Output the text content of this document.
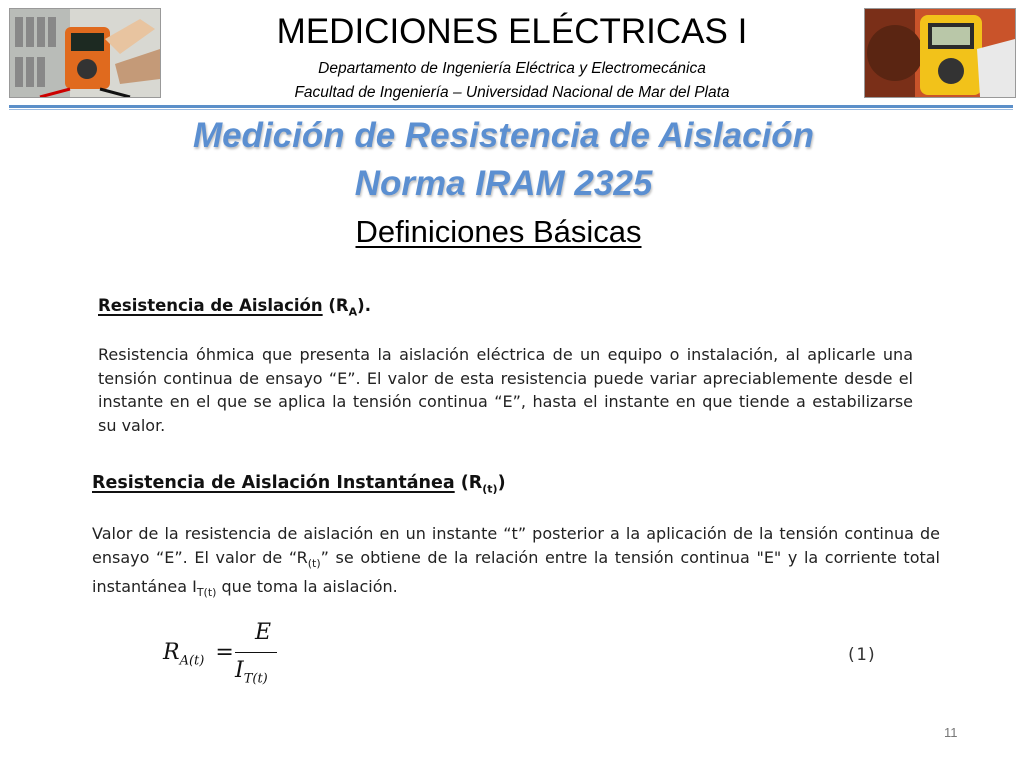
MEDICIONES ELÉCTRICAS I
Departamento de Ingeniería Eléctrica y Electromecánica
Facultad de Ingeniería – Universidad Nacional de Mar del Plata
Medición de Resistencia de Aislación
Norma IRAM 2325
Definiciones Básicas
Resistencia de Aislación $(R_A)$.
Resistencia óhmica que presenta la aislación eléctrica de un equipo o instalación, al aplicarle una tensión continua de ensayo “E”. El valor de esta resistencia puede variar apreciablemente desde el instante en el que se aplica la tensión continua “E”, hasta el instante en que tiende a estabilizarse su valor.
Resistencia de Aislación Instantánea $(R_{(t)})$
Valor de la resistencia de aislación en un instante “t” posterior a la aplicación de la tensión continua de ensayo “E”. El valor de “$R_{(t)}$” se obtiene de la relación entre la tensión continua "E" y la corriente total instantánea $I_{T(t)}$ que toma la aislación.
$R_{A(t)}$ =
E
$I_{T(t)}$
(1)
11
